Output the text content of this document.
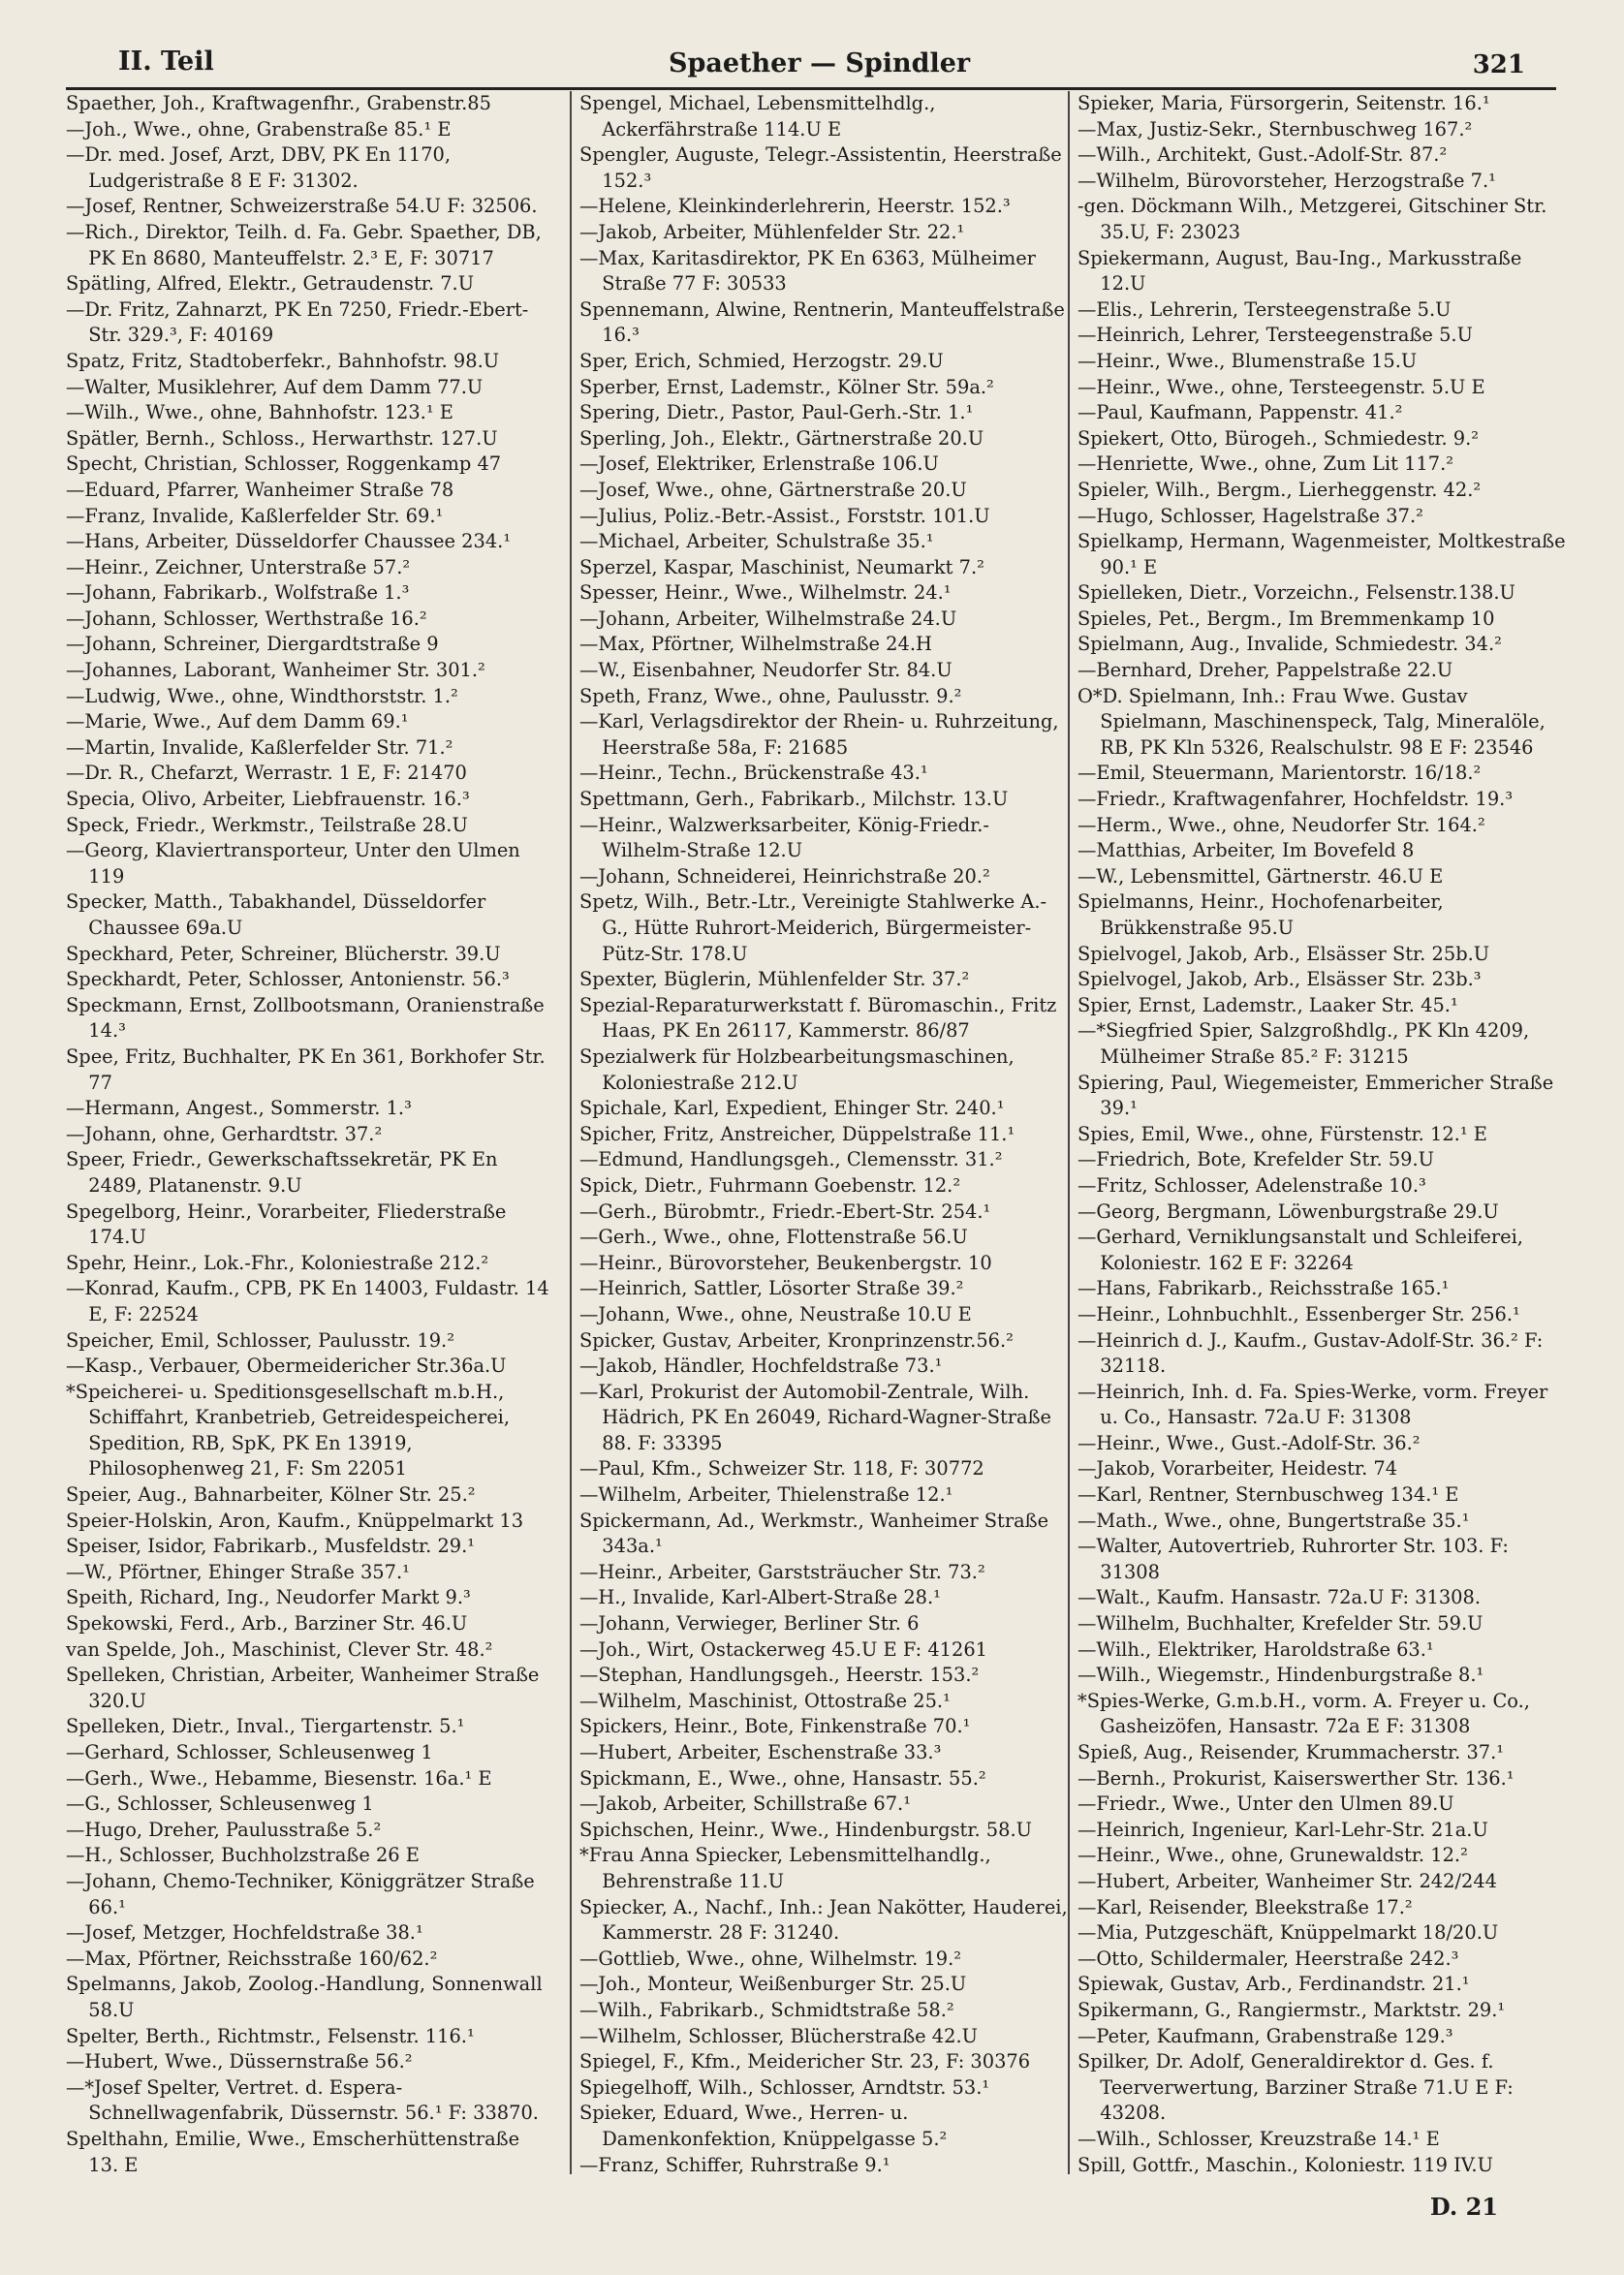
II. Teil	Spaether — Spindler	321

Spaether, Joh., Kraftwagenfhr., Grabenstr.85

—Joh., Wwe., ohne, Grabenstraße 85.¹ E

—Dr. med. Josef, Arzt, DBV, PK En 1170, Ludgeristraße 8 E F: 31302.

—Josef, Rentner, Schweizerstraße 54.U F: 32506.

—Rich., Direktor, Teilh. d. Fa. Gebr. Spaether, DB, PK En 8680, Manteuffelstr. 2.³ E, F: 30717

Spätling, Alfred, Elektr., Getraudenstr. 7.U

—Dr. Fritz, Zahnarzt, PK En 7250, Friedr.-Ebert-Str. 329.³, F: 40169

Spatz, Fritz, Stadtoberfekr., Bahnhofstr. 98.U

—Walter, Musiklehrer, Auf dem Damm 77.U

—Wilh., Wwe., ohne, Bahnhofstr. 123.¹ E

Spätler, Bernh., Schloss., Herwarthstr. 127.U

Specht, Christian, Schlosser, Roggenkamp 47

—Eduard, Pfarrer, Wanheimer Straße 78

—Franz, Invalide, Kaßlerfelder Str. 69.¹

—Hans, Arbeiter, Düsseldorfer Chaussee 234.¹

—Heinr., Zeichner, Unterstraße 57.²

—Johann, Fabrikarb., Wolfstraße 1.³

—Johann, Schlosser, Werthstraße 16.²

—Johann, Schreiner, Diergardtstraße 9

—Johannes, Laborant, Wanheimer Str. 301.²

—Ludwig, Wwe., ohne, Windthorststr. 1.²

—Marie, Wwe., Auf dem Damm 69.¹

—Martin, Invalide, Kaßlerfelder Str. 71.²

—Dr. R., Chefarzt, Werrastr. 1 E, F: 21470

Specia, Olivo, Arbeiter, Liebfrauenstr. 16.³

Speck, Friedr., Werkmstr., Teilstraße 28.U

—Georg, Klaviertransporteur, Unter den Ulmen 119

Specker, Matth., Tabakhandel, Düsseldorfer Chaussee 69a.U

Speckhard, Peter, Schreiner, Blücherstr. 39.U

Speckhardt, Peter, Schlosser, Antonienstr. 56.³

Speckmann, Ernst, Zollbootsmann, Oranienstraße 14.³

Spee, Fritz, Buchhalter, PK En 361, Borkhofer Str. 77

—Hermann, Angest., Sommerstr. 1.³

—Johann, ohne, Gerhardtstr. 37.²

Speer, Friedr., Gewerkschaftssekretär, PK En 2489, Platanenstr. 9.U

Spegelborg, Heinr., Vorarbeiter, Fliederstraße 174.U

Spehr, Heinr., Lok.-Fhr., Koloniestraße 212.²

—Konrad, Kaufm., CPB, PK En 14003, Fuldastr. 14 E, F: 22524

Speicher, Emil, Schlosser, Paulusstr. 19.²

—Kasp., Verbauer, Obermeidericher Str.36a.U

*Speicherei- u. Speditionsgesellschaft m.b.H., Schiffahrt, Kranbetrieb, Getreidespeicherei, Spedition, RB, SpK, PK En 13919, Philosophenweg 21, F: Sm 22051

Speier, Aug., Bahnarbeiter, Kölner Str. 25.²

Speier-Holskin, Aron, Kaufm., Knüppelmarkt 13

Speiser, Isidor, Fabrikarb., Musfeldstr. 29.¹

—W., Pförtner, Ehinger Straße 357.¹

Speith, Richard, Ing., Neudorfer Markt 9.³

Spekowski, Ferd., Arb., Barziner Str. 46.U

van Spelde, Joh., Maschinist, Clever Str. 48.²

Spelleken, Christian, Arbeiter, Wanheimer Straße 320.U

Spelleken, Dietr., Inval., Tiergartenstr. 5.¹

—Gerhard, Schlosser, Schleusenweg 1

—Gerh., Wwe., Hebamme, Biesenstr. 16a.¹ E

—G., Schlosser, Schleusenweg 1

—Hugo, Dreher, Paulusstraße 5.²

—H., Schlosser, Buchholzstraße 26 E

—Johann, Chemo-Techniker, Königgrätzer Straße 66.¹

—Josef, Metzger, Hochfeldstraße 38.¹

—Max, Pförtner, Reichsstraße 160/62.²

Spelmanns, Jakob, Zoolog.-Handlung, Sonnenwall 58.U

Spelter, Berth., Richtmstr., Felsenstr. 116.¹

—Hubert, Wwe., Düssernstraße 56.²

—*Josef Spelter, Vertret. d. Espera-Schnellwagenfabrik, Düssernstr. 56.¹ F: 33870.

Spelthahn, Emilie, Wwe., Emscherhüttenstraße 13. E

Spengel, Michael, Lebensmittelhdlg., Ackerfährstraße 114.U E

Spengler, Auguste, Telegr.-Assistentin, Heerstraße 152.³

—Helene, Kleinkinderlehrerin, Heerstr. 152.³

—Jakob, Arbeiter, Mühlenfelder Str. 22.¹

—Max, Karitasdirektor, PK En 6363, Mülheimer Straße 77 F: 30533

Spennemann, Alwine, Rentnerin, Manteuffelstraße 16.³

Sper, Erich, Schmied, Herzogstr. 29.U

Sperber, Ernst, Lademstr., Kölner Str. 59a.²

Spering, Dietr., Pastor, Paul-Gerh.-Str. 1.¹

Sperling, Joh., Elektr., Gärtnerstraße 20.U

—Josef, Elektriker, Erlenstraße 106.U

—Josef, Wwe., ohne, Gärtnerstraße 20.U

—Julius, Poliz.-Betr.-Assist., Forststr. 101.U

—Michael, Arbeiter, Schulstraße 35.¹

Sperzel, Kaspar, Maschinist, Neumarkt 7.²

Spesser, Heinr., Wwe., Wilhelmstr. 24.¹

—Johann, Arbeiter, Wilhelmstraße 24.U

—Max, Pförtner, Wilhelmstraße 24.H

—W., Eisenbahner, Neudorfer Str. 84.U

Speth, Franz, Wwe., ohne, Paulusstr. 9.²

—Karl, Verlagsdirektor der Rhein- u. Ruhrzeitung, Heerstraße 58a, F: 21685

—Heinr., Techn., Brückenstraße 43.¹

Spettmann, Gerh., Fabrikarb., Milchstr. 13.U

—Heinr., Walzwerksarbeiter, König-Friedr.-Wilhelm-Straße 12.U

—Johann, Schneiderei, Heinrichstraße 20.²

Spetz, Wilh., Betr.-Ltr., Vereinigte Stahlwerke A.-G., Hütte Ruhrort-Meiderich, Bürgermeister-Pütz-Str. 178.U

Spexter, Büglerin, Mühlenfelder Str. 37.²

Spezial-Reparaturwerkstatt f. Büromaschin., Fritz Haas, PK En 26117, Kammerstr. 86/87

Spezialwerk für Holzbearbeitungsmaschinen, Koloniestraße 212.U

Spichale, Karl, Expedient, Ehinger Str. 240.¹

Spicher, Fritz, Anstreicher, Düppelstraße 11.¹

—Edmund, Handlungsgeh., Clemensstr. 31.²

Spick, Dietr., Fuhrmann Goebenstr. 12.²

—Gerh., Bürobmtr., Friedr.-Ebert-Str. 254.¹

—Gerh., Wwe., ohne, Flottenstraße 56.U

—Heinr., Bürovorsteher, Beukenbergstr. 10

—Heinrich, Sattler, Lösorter Straße 39.²

—Johann, Wwe., ohne, Neustraße 10.U E

Spicker, Gustav, Arbeiter, Kronprinzenstr.56.²

—Jakob, Händler, Hochfeldstraße 73.¹

—Karl, Prokurist der Automobil-Zentrale, Wilh. Hädrich, PK En 26049, Richard-Wagner-Straße 88. F: 33395

—Paul, Kfm., Schweizer Str. 118, F: 30772

—Wilhelm, Arbeiter, Thielenstraße 12.¹

Spickermann, Ad., Werkmstr., Wanheimer Straße 343a.¹

—Heinr., Arbeiter, Garststräucher Str. 73.²

—H., Invalide, Karl-Albert-Straße 28.¹

—Johann, Verwieger, Berliner Str. 6

—Joh., Wirt, Ostackerweg 45.U E F: 41261

—Stephan, Handlungsgeh., Heerstr. 153.²

—Wilhelm, Maschinist, Ottostraße 25.¹

Spickers, Heinr., Bote, Finkenstraße 70.¹

—Hubert, Arbeiter, Eschenstraße 33.³

Spickmann, E., Wwe., ohne, Hansastr. 55.²

—Jakob, Arbeiter, Schillstraße 67.¹

Spichschen, Heinr., Wwe., Hindenburgstr. 58.U

*Frau Anna Spiecker, Lebensmittelhandlg., Behrenstraße 11.U

Spiecker, A., Nachf., Inh.: Jean Nakötter, Hauderei, Kammerstr. 28 F: 31240.

—Gottlieb, Wwe., ohne, Wilhelmstr. 19.²

—Joh., Monteur, Weißenburger Str. 25.U

—Wilh., Fabrikarb., Schmidtstraße 58.²

—Wilhelm, Schlosser, Blücherstraße 42.U

Spiegel, F., Kfm., Meidericher Str. 23, F: 30376

Spiegelhoff, Wilh., Schlosser, Arndtstr. 53.¹

Spieker, Eduard, Wwe., Herren- u. Damenkonfektion, Knüppelgasse 5.²

—Franz, Schiffer, Ruhrstraße 9.¹

Spieker, Maria, Fürsorgerin, Seitenstr. 16.¹

—Max, Justiz-Sekr., Sternbuschweg 167.²

—Wilh., Architekt, Gust.-Adolf-Str. 87.²

—Wilhelm, Bürovorsteher, Herzogstraße 7.¹

-gen. Döckmann Wilh., Metzgerei, Gitschiner Str. 35.U, F: 23023

Spiekermann, August, Bau-Ing., Markusstraße 12.U

—Elis., Lehrerin, Tersteegenstraße 5.U

—Heinrich, Lehrer, Tersteegenstraße 5.U

—Heinr., Wwe., Blumenstraße 15.U

—Heinr., Wwe., ohne, Tersteegenstr. 5.U E

—Paul, Kaufmann, Pappenstr. 41.²

Spiekert, Otto, Bürogeh., Schmiedestr. 9.²

—Henriette, Wwe., ohne, Zum Lit 117.²

Spieler, Wilh., Bergm., Lierheggenstr. 42.²

—Hugo, Schlosser, Hagelstraße 37.²

Spielkamp, Hermann, Wagenmeister, Moltkestraße 90.¹ E

Spielleken, Dietr., Vorzeichn., Felsenstr.138.U

Spieles, Pet., Bergm., Im Bremmenkamp 10

Spielmann, Aug., Invalide, Schmiedestr. 34.²

—Bernhard, Dreher, Pappelstraße 22.U

O*D. Spielmann, Inh.: Frau Wwe. Gustav Spielmann, Maschinenspeck, Talg, Mineralöle, RB, PK Kln 5326, Realschulstr. 98 E F: 23546

—Emil, Steuermann, Marientorstr. 16/18.²

—Friedr., Kraftwagenfahrer, Hochfeldstr. 19.³

—Herm., Wwe., ohne, Neudorfer Str. 164.²

—Matthias, Arbeiter, Im Bovefeld 8

—W., Lebensmittel, Gärtnerstr. 46.U E

Spielmanns, Heinr., Hochofenarbeiter, Brükkenstraße 95.U

Spielvogel, Jakob, Arb., Elsässer Str. 25b.U

Spielvogel, Jakob, Arb., Elsässer Str. 23b.³

Spier, Ernst, Lademstr., Laaker Str. 45.¹

—*Siegfried Spier, Salzgroßhdlg., PK Kln 4209, Mülheimer Straße 85.² F: 31215

Spiering, Paul, Wiegemeister, Emmericher Straße 39.¹

Spies, Emil, Wwe., ohne, Fürstenstr. 12.¹ E

—Friedrich, Bote, Krefelder Str. 59.U

—Fritz, Schlosser, Adelenstraße 10.³

—Georg, Bergmann, Löwenburgstraße 29.U

—Gerhard, Verniklungsanstalt und Schleiferei, Koloniestr. 162 E F: 32264

—Hans, Fabrikarb., Reichsstraße 165.¹

—Heinr., Lohnbuchhlt., Essenberger Str. 256.¹

—Heinrich d. J., Kaufm., Gustav-Adolf-Str. 36.² F: 32118.

—Heinrich, Inh. d. Fa. Spies-Werke, vorm. Freyer u. Co., Hansastr. 72a.U F: 31308

—Heinr., Wwe., Gust.-Adolf-Str. 36.²

—Jakob, Vorarbeiter, Heidestr. 74

—Karl, Rentner, Sternbuschweg 134.¹ E

—Math., Wwe., ohne, Bungertstraße 35.¹

—Walter, Autovertrieb, Ruhrorter Str. 103. F: 31308

—Walt., Kaufm. Hansastr. 72a.U F: 31308.

—Wilhelm, Buchhalter, Krefelder Str. 59.U

—Wilh., Elektriker, Haroldstraße 63.¹

—Wilh., Wiegemstr., Hindenburgstraße 8.¹

*Spies-Werke, G.m.b.H., vorm. A. Freyer u. Co., Gasheizöfen, Hansastr. 72a E F: 31308

Spieß, Aug., Reisender, Krummacherstr. 37.¹

—Bernh., Prokurist, Kaiserswerther Str. 136.¹

—Friedr., Wwe., Unter den Ulmen 89.U

—Heinrich, Ingenieur, Karl-Lehr-Str. 21a.U

—Heinr., Wwe., ohne, Grunewaldstr. 12.²

—Hubert, Arbeiter, Wanheimer Str. 242/244

—Karl, Reisender, Bleekstraße 17.²

—Mia, Putzgeschäft, Knüppelmarkt 18/20.U

—Otto, Schildermaler, Heerstraße 242.³

Spiewak, Gustav, Arb., Ferdinandstr. 21.¹

Spikermann, G., Rangiermstr., Marktstr. 29.¹

—Peter, Kaufmann, Grabenstraße 129.³

Spilker, Dr. Adolf, Generaldirektor d. Ges. f. Teerverwertung, Barziner Straße 71.U E F: 43208.

—Wilh., Schlosser, Kreuzstraße 14.¹ E

Spill, Gottfr., Maschin., Koloniestr. 119 IV.U

D. 21
